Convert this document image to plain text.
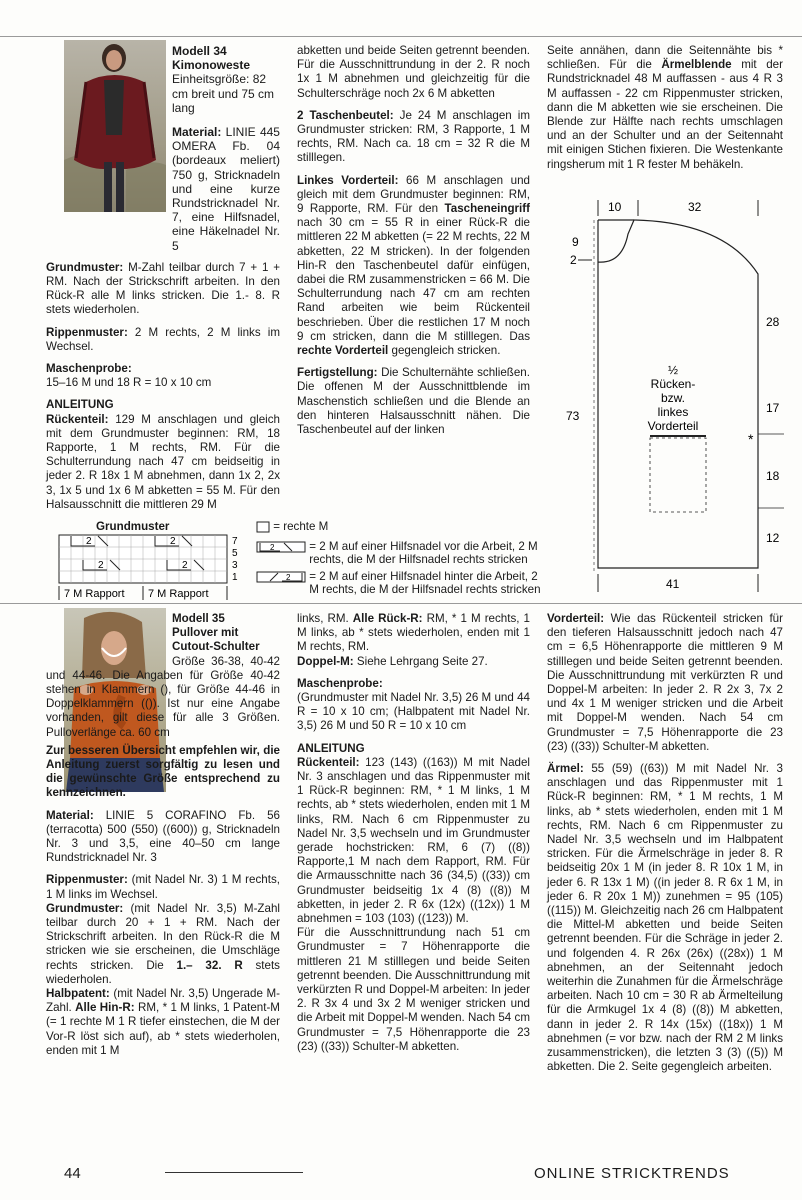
Modell 34
Kimonoweste
Einheitsgröße: 82 cm breit und 75 cm lang
Material: LINIE 445 OMERA Fb. 04 (bordeaux meliert) 750 g, Stricknadeln und eine kurze Rundstricknadel Nr. 7, eine Hilfsnadel, eine Häkelnadel Nr. 5

Grundmuster: M-Zahl teilbar durch 7 + 1 + RM. Nach der Strickschrift arbeiten. In den Rück-R alle M links stricken. Die 1.- 8. R stets wiederholen.

Rippenmuster: 2 M rechts, 2 M links im Wechsel.

Maschenprobe:

15–16 M und 18 R = 10 x 10 cm

ANLEITUNG

Rückenteil: 129 M anschlagen und gleich mit dem Grundmuster beginnen: RM, 18 Rapporte, 1 M rechts, RM. Für die Schulterrundung nach 47 cm beidseitig in jeder 2. R 18x 1 M abnehmen, dann 1x 2, 2x 3, 1x 5 und 1x 6 M abketten = 55 M. Für den Halsausschnitt die mittleren 29 M

abketten und beide Seiten getrennt beenden. Für die Ausschnittrundung in der 2. R noch 1x 1 M abnehmen und gleichzeitig für die Schulterschräge noch 2x 6 M abketten

2 Taschenbeutel: Je 24 M anschlagen im Grundmuster stricken: RM, 3 Rapporte, 1 M rechts, RM. Nach ca. 18 cm = 32 R die M stilllegen.

Linkes Vorderteil: 66 M anschlagen und gleich mit dem Grundmuster beginnen: RM, 9 Rapporte, RM. Für den Tascheneingriff nach 30 cm = 55 R in einer Rück-R die mittleren 22 M abketten (= 22 M rechts, 22 M abketten, 22 M stricken). In der folgenden Hin-R den Taschenbeutel dafür einfügen, dabei die RM zusammenstricken = 66 M. Die Schulterrundung nach 47 cm am rechten Rand arbeiten wie beim Rückenteil beschrieben. Über die restlichen 17 M noch 9 cm stricken, dann die M stilllegen. Das rechte Vorderteil gegengleich stricken.

Fertigstellung: Die Schulternähte schließen. Die offenen M der Ausschnittblende im Maschenstich schließen und die Blende an den hinteren Halsausschnitt nähen. Die Taschenbeutel auf der linken

Seite annähen, dann die Seitennähte bis * schließen. Für die Ärmelblende mit der Rundstricknadel 48 M auffassen - aus 4 R 3 M auffassen - 22 cm Rippenmuster stricken, dann die M abketten wie sie erscheinen. Die Blende zur Hälfte nach rechts umschlagen und an der Schulter und an der Seitennaht mit einigen Stichen fixieren. Die Westenkante ringsherum mit 1 R fester M behäkeln.

10	32
9
2
73
28
17
18
12
*
½
Rücken-
bzw.
linkes
Vorderteil
41
Grundmuster
2	2
2	2
7
5
3
1
7 M Rapport 7 M Rapport
= rechte M
2	= 2 M auf einer Hilfsnadel vor die Arbeit, 2 M rechts, die M der Hilfsnadel rechts stricken
2 = 2 M auf einer Hilfsnadel hinter die Arbeit, 2 M rechts, die M der Hilfsnadel rechts stricken
Modell 35
Pullover mit
Cutout-Schulter

Größe 36-38, 40-42 und 44-46. Die Angaben für Größe 40-42 stehen in Klammern (), für Größe 44-46 in Doppelklammern (()). Ist nur eine Angabe vorhanden, gilt diese für alle 3 Größen. Pulloverlänge ca. 60 cm

Zur besseren Übersicht empfehlen wir, die Anleitung zuerst sorgfältig zu lesen und die gewünschte Größe entsprechend zu kennzeichnen.

Material: LINIE 5 CORAFINO Fb. 56 (terracotta) 500 (550) ((600)) g, Stricknadeln Nr. 3 und 3,5, eine 40–50 cm lange Rundstricknadel Nr. 3

Rippenmuster: (mit Nadel Nr. 3) 1 M rechts, 1 M links im Wechsel.

Grundmuster: (mit Nadel Nr. 3,5) M-Zahl teilbar durch 20 + 1 + RM. Nach der Strickschrift arbeiten. In den Rück-R die M stricken wie sie erscheinen, die Umschläge rechts stricken. Die 1.– 32. R stets wiederholen.

Halbpatent: (mit Nadel Nr. 3,5) Ungerade M-Zahl. Alle Hin-R: RM, * 1 M links, 1 Patent-M (= 1 rechte M 1 R tiefer einstechen, die M der Vor-R löst sich auf), ab * stets wiederholen, enden mit 1 M

links, RM. Alle Rück-R: RM, * 1 M rechts, 1 M links, ab * stets wiederholen, enden mit 1 M rechts, RM.

Doppel-M: Siehe Lehrgang Seite 27.

Maschenprobe:

(Grundmuster mit Nadel Nr. 3,5) 26 M und 44 R = 10 x 10 cm; (Halbpatent mit Nadel Nr. 3,5) 26 M und 50 R = 10 x 10 cm

ANLEITUNG

Rückenteil: 123 (143) ((163)) M mit Nadel Nr. 3 anschlagen und das Rippenmuster mit 1 Rück-R beginnen: RM, * 1 M links, 1 M rechts, ab * stets wiederholen, enden mit 1 M links, RM. Nach 6 cm Rippenmuster zu Nadel Nr. 3,5 wechseln und im Grundmuster gerade hochstricken: RM, 6 (7) ((8)) Rapporte,1 M nach dem Rapport, RM. Für die Armausschnitte nach 36 (34,5) ((33)) cm Grundmuster beidseitig 1x 4 (8) ((8)) M abketten, in jeder 2. R 6x (12x) ((12x)) 1 M abnehmen = 103 (103) ((123)) M.

Für die Ausschnittrundung nach 51 cm Grundmuster = 7 Höhenrapporte die mittleren 21 M stilllegen und beide Seiten getrennt beenden. Die Ausschnittrundung mit verkürzten R und Doppel-M arbeiten: In jeder 2. R 3x 4 und 3x 2 M weniger stricken und die Arbeit mit Doppel-M wenden. Nach 54 cm Grundmuster = 7,5 Höhenrapporte die 23 (23) ((33)) Schulter-M abketten.

Vorderteil: Wie das Rückenteil stricken für den tieferen Halsausschnitt jedoch nach 47 cm = 6,5 Höhenrapporte die mittleren 9 M stilllegen und beide Seiten getrennt beenden. Die Ausschnittrundung mit verkürzten R und Doppel-M arbeiten: In jeder 2. R 2x 3, 7x 2 und 4x 1 M weniger stricken und die Arbeit mit Doppel-M wenden. Nach 54 cm Grundmuster = 7,5 Höhenrapporte die 23 (23) ((33)) Schulter-M abketten.

Ärmel: 55 (59) ((63)) M mit Nadel Nr. 3 anschlagen und das Rippenmuster mit 1 Rück-R beginnen: RM, * 1 M rechts, 1 M links, ab * stets wiederholen, enden mit 1 M rechts, RM. Nach 6 cm Rippenmuster zu Nadel Nr. 3,5 wechseln und im Halbpatent stricken. Für die Ärmelschräge in jeder 8. R beidseitig 20x 1 M (in jeder 8. R 10x 1 M, in jeder 6. R 13x 1 M) ((in jeder 8. R 6x 1 M, in jeder 6. R 20x 1 M)) zunehmen = 95 (105) ((115)) M. Gleichzeitig nach 26 cm Halbpatent die Mittel-M abketten und beide Seiten getrennt beenden. Für die Schräge in jeder 2. und folgenden 4. R 26x (26x) ((28x)) 1 M abnehmen, an der Seitennaht jedoch weiterhin die Zunahmen für die Ärmelschräge arbeiten. Nach 10 cm = 30 R ab Ärmelteilung für die Armkugel 1x 4 (8) ((8)) M abketten, dann in jeder 2. R 14x (15x) ((18x)) 1 M abnehmen (= vor bzw. nach der RM 2 M links zusammenstricken), die letzten 3 (3) ((5)) M abketten. Die 2. Seite gegengleich arbeiten.

44	ONLINE STRICKTRENDS
